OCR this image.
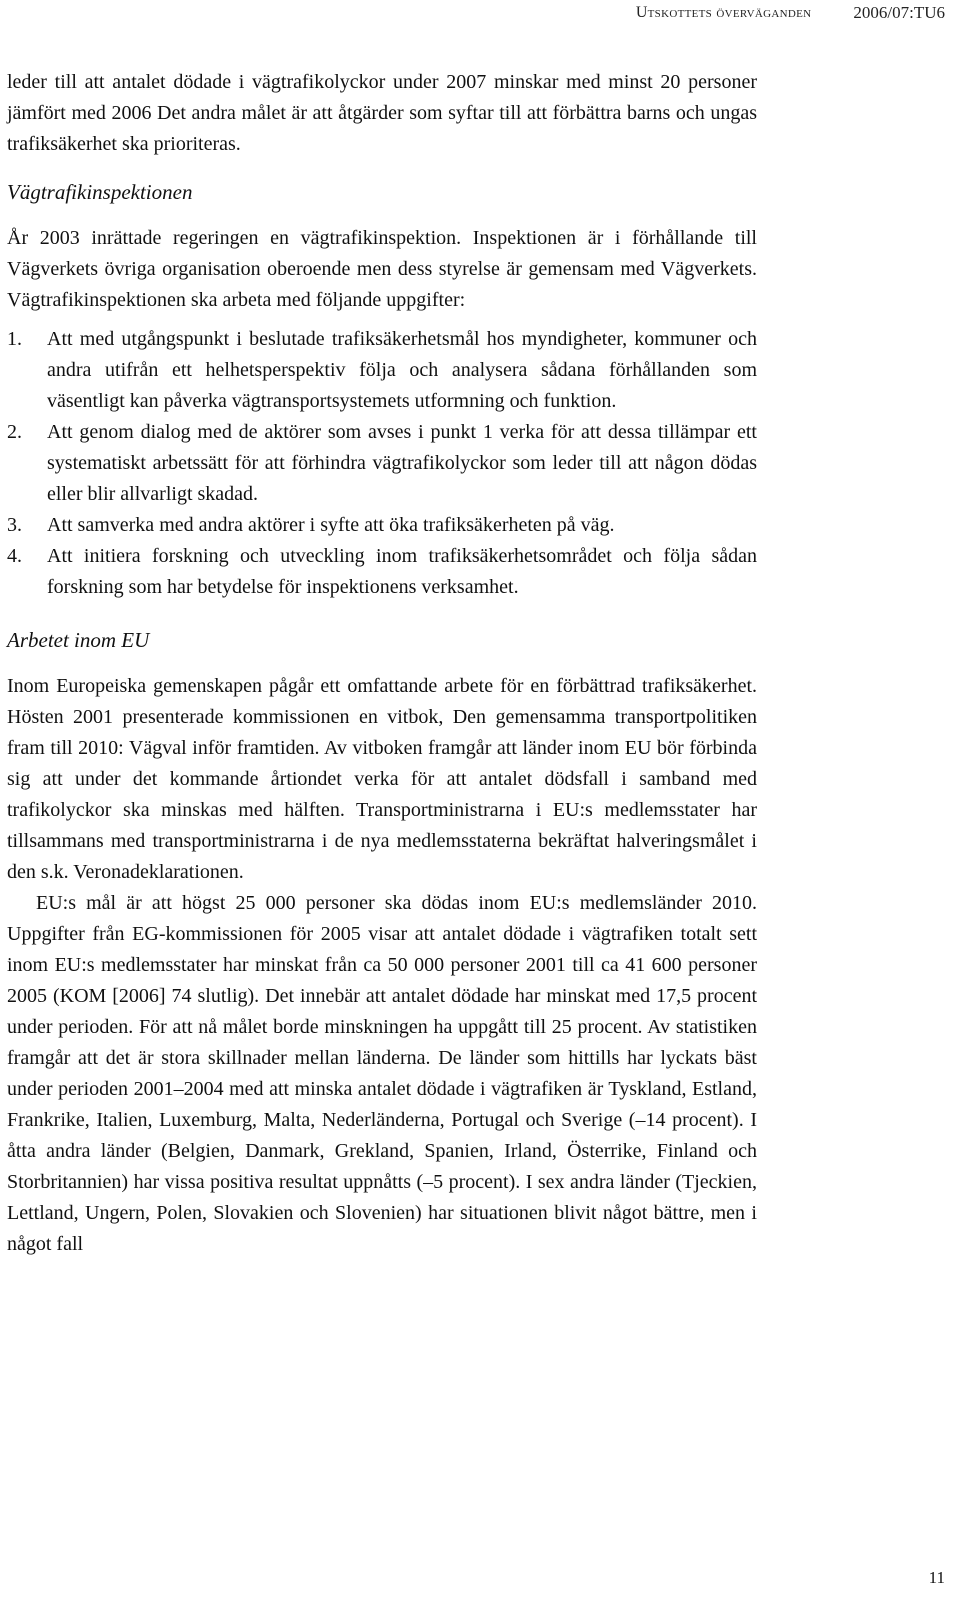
Utskottets överväganden 2006/07:TU6

leder till att antalet dödade i vägtrafikolyckor under 2007 minskar med minst 20 personer jämfört med 2006 Det andra målet är att åtgärder som syftar till att förbättra barns och ungas trafiksäkerhet ska prioriteras.

Vägtrafikinspektionen

År 2003 inrättade regeringen en vägtrafikinspektion. Inspektionen är i förhållande till Vägverkets övriga organisation oberoende men dess styrelse är gemensam med Vägverkets. Vägtrafikinspektionen ska arbeta med följande uppgifter:

1.	Att med utgångspunkt i beslutade trafiksäkerhetsmål hos myndigheter, kommuner och andra utifrån ett helhetsperspektiv följa och analysera sådana förhållanden som väsentligt kan påverka vägtransportsystemets utformning och funktion.
2.	Att genom dialog med de aktörer som avses i punkt 1 verka för att dessa tillämpar ett systematiskt arbetssätt för att förhindra vägtrafikolyckor som leder till att någon dödas eller blir allvarligt skadad.
3.	Att samverka med andra aktörer i syfte att öka trafiksäkerheten på väg.
4.	Att initiera forskning och utveckling inom trafiksäkerhetsområdet och följa sådan forskning som har betydelse för inspektionens verksamhet.
Arbetet inom EU

Inom Europeiska gemenskapen pågår ett omfattande arbete för en förbättrad trafiksäkerhet. Hösten 2001 presenterade kommissionen en vitbok, Den gemensamma transportpolitiken fram till 2010: Vägval inför framtiden. Av vitboken framgår att länder inom EU bör förbinda sig att under det kommande årtiondet verka för att antalet dödsfall i samband med trafikolyckor ska minskas med hälften. Transportministrarna i EU:s medlemsstater har tillsammans med transportministrarna i de nya medlemsstaterna bekräftat halveringsmålet i den s.k. Veronadeklarationen.

EU:s mål är att högst 25 000 personer ska dödas inom EU:s medlemsländer 2010. Uppgifter från EG-kommissionen för 2005 visar att antalet dödade i vägtrafiken totalt sett inom EU:s medlemsstater har minskat från ca 50 000 personer 2001 till ca 41 600 personer 2005 (KOM [2006] 74 slutlig). Det innebär att antalet dödade har minskat med 17,5 procent under perioden. För att nå målet borde minskningen ha uppgått till 25 procent. Av statistiken framgår att det är stora skillnader mellan länderna. De länder som hittills har lyckats bäst under perioden 2001–2004 med att minska antalet dödade i vägtrafiken är Tyskland, Estland, Frankrike, Italien, Luxemburg, Malta, Nederländerna, Portugal och Sverige (–14 procent). I åtta andra länder (Belgien, Danmark, Grekland, Spanien, Irland, Österrike, Finland och Storbritannien) har vissa positiva resultat uppnåtts (–5 procent). I sex andra länder (Tjeckien, Lettland, Ungern, Polen, Slovakien och Slovenien) har situationen blivit något bättre, men i något fall

11
